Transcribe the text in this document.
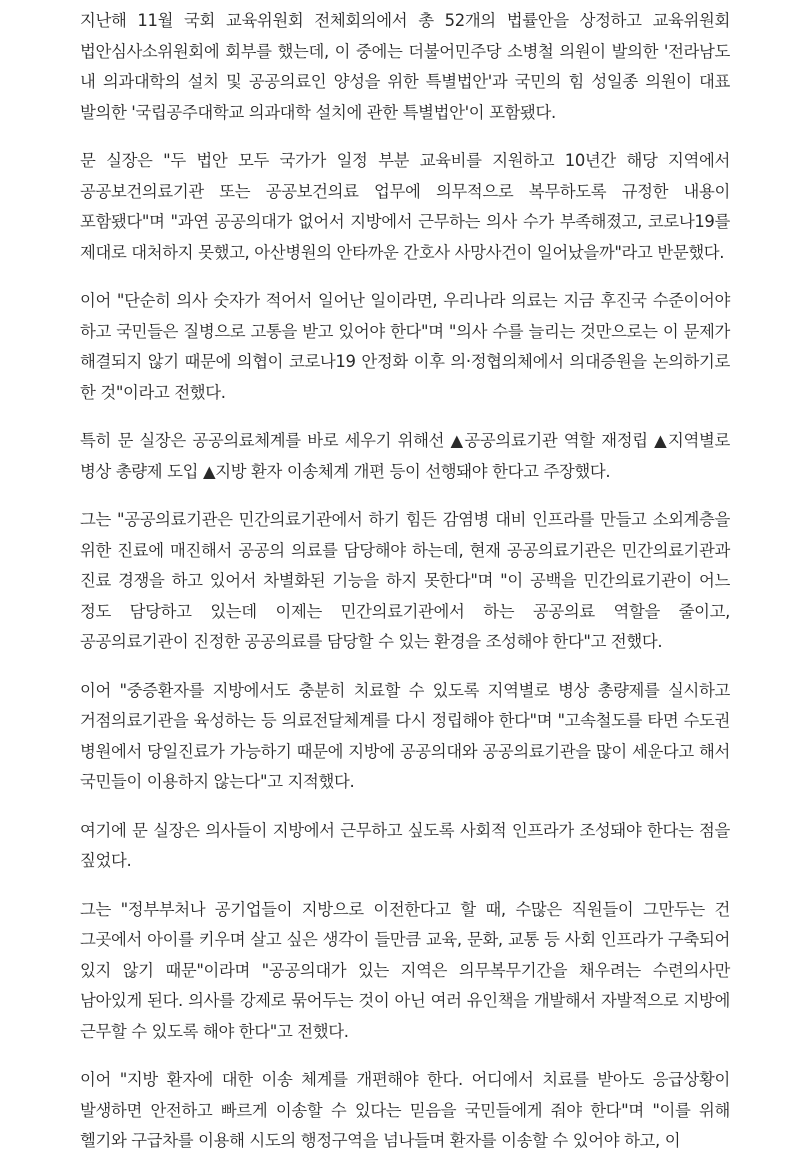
지난해 11월 국회 교육위원회 전체회의에서 총 52개의 법률안을 상정하고 교육위원회 법안심사소위원회에 회부를 했는데, 이 중에는 더불어민주당 소병철 의원이 발의한 '전라남도 내 의과대학의 설치 및 공공의료인 양성을 위한 특별법안'과 국민의 힘 성일종 의원이 대표 발의한 '국립공주대학교 의과대학 설치에 관한 특별법안'이 포함됐다.

문 실장은 "두 법안 모두 국가가 일정 부분 교육비를 지원하고 10년간 해당 지역에서 공공보건의료기관 또는 공공보건의료 업무에 의무적으로 복무하도록 규정한 내용이 포함됐다"며 "과연 공공의대가 없어서 지방에서 근무하는 의사 수가 부족해졌고, 코로나19를 제대로 대처하지 못했고, 아산병원의 안타까운 간호사 사망사건이 일어났을까"라고 반문했다.

이어 "단순히 의사 숫자가 적어서 일어난 일이라면, 우리나라 의료는 지금 후진국 수준이어야 하고 국민들은 질병으로 고통을 받고 있어야 한다"며 "의사 수를 늘리는 것만으로는 이 문제가 해결되지 않기 때문에 의협이 코로나19 안정화 이후 의·정협의체에서 의대증원을 논의하기로 한 것"이라고 전했다.

특히 문 실장은 공공의료체계를 바로 세우기 위해선 ▲공공의료기관 역할 재정립 ▲지역별로 병상 총량제 도입 ▲지방 환자 이송체계 개편 등이 선행돼야 한다고 주장했다.

그는 "공공의료기관은 민간의료기관에서 하기 힘든 감염병 대비 인프라를 만들고 소외계층을 위한 진료에 매진해서 공공의 의료를 담당해야 하는데, 현재 공공의료기관은 민간의료기관과 진료 경쟁을 하고 있어서 차별화된 기능을 하지 못한다"며 "이 공백을 민간의료기관이 어느 정도 담당하고 있는데 이제는 민간의료기관에서 하는 공공의료 역할을 줄이고, 공공의료기관이 진정한 공공의료를 담당할 수 있는 환경을 조성해야 한다"고 전했다.

이어 "중증환자를 지방에서도 충분히 치료할 수 있도록 지역별로 병상 총량제를 실시하고 거점의료기관을 육성하는 등 의료전달체계를 다시 정립해야 한다"며 "고속철도를 타면 수도권 병원에서 당일진료가 가능하기 때문에 지방에 공공의대와 공공의료기관을 많이 세운다고 해서 국민들이 이용하지 않는다"고 지적했다.

여기에 문 실장은 의사들이 지방에서 근무하고 싶도록 사회적 인프라가 조성돼야 한다는 점을 짚었다.

그는 "정부부처나 공기업들이 지방으로 이전한다고 할 때, 수많은 직원들이 그만두는 건 그곳에서 아이를 키우며 살고 싶은 생각이 들만큼 교육, 문화, 교통 등 사회 인프라가 구축되어 있지 않기 때문"이라며 "공공의대가 있는 지역은 의무복무기간을 채우려는 수련의사만 남아있게 된다. 의사를 강제로 묶어두는 것이 아닌 여러 유인책을 개발해서 자발적으로 지방에 근무할 수 있도록 해야 한다"고 전했다.

이어 "지방 환자에 대한 이송 체계를 개편해야 한다. 어디에서 치료를 받아도 응급상황이 발생하면 안전하고 빠르게 이송할 수 있다는 믿음을 국민들에게 줘야 한다"며 "이를 위해 헬기와 구급차를 이용해 시도의 행정구역을 넘나들며 환자를 이송할 수 있어야 하고, 이
